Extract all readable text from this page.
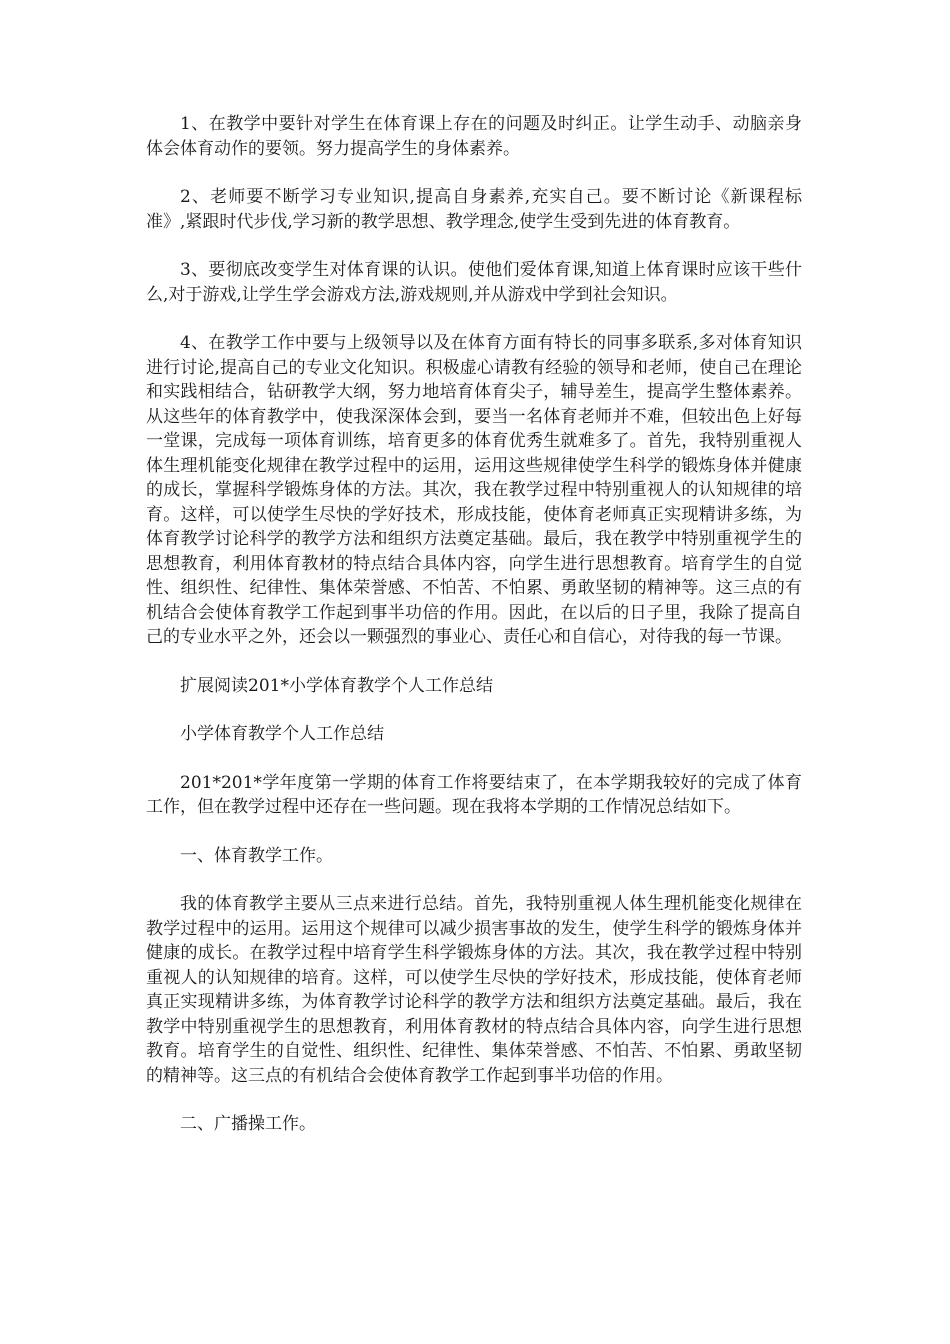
1、在教学中要针对学生在体育课上存在的问题及时纠正。让学生动手、动脑亲身体会体育动作的要领。努力提高学生的身体素养。

2、老师要不断学习专业知识,提高自身素养,充实自己。要不断讨论《新课程标准》,紧跟时代步伐,学习新的教学思想、教学理念,使学生受到先进的体育教育。

3、要彻底改变学生对体育课的认识。使他们爱体育课,知道上体育课时应该干些什么,对于游戏,让学生学会游戏方法,游戏规则,并从游戏中学到社会知识。

4、在教学工作中要与上级领导以及在体育方面有特长的同事多联系,多对体育知识进行讨论,提高自己的专业文化知识。积极虚心请教有经验的领导和老师，使自己在理论和实践相结合，钻研教学大纲，努力地培育体育尖子，辅导差生，提高学生整体素养。从这些年的体育教学中，使我深深体会到，要当一名体育老师并不难，但较出色上好每一堂课，完成每一项体育训练，培育更多的体育优秀生就难多了。首先，我特别重视人体生理机能变化规律在教学过程中的运用，运用这些规律使学生科学的锻炼身体并健康的成长，掌握科学锻炼身体的方法。其次，我在教学过程中特别重视人的认知规律的培育。这样，可以使学生尽快的学好技术，形成技能，使体育老师真正实现精讲多练，为体育教学讨论科学的教学方法和组织方法奠定基础。最后，我在教学中特别重视学生的思想教育，利用体育教材的特点结合具体内容，向学生进行思想教育。培育学生的自觉性、组织性、纪律性、集体荣誉感、不怕苦、不怕累、勇敢坚韧的精神等。这三点的有机结合会使体育教学工作起到事半功倍的作用。因此，在以后的日子里，我除了提高自己的专业水平之外，还会以一颗强烈的事业心、责任心和自信心，对待我的每一节课。

扩展阅读201*小学体育教学个人工作总结

小学体育教学个人工作总结

201*201*学年度第一学期的体育工作将要结束了，在本学期我较好的完成了体育工作，但在教学过程中还存在一些问题。现在我将本学期的工作情况总结如下。

一、体育教学工作。

我的体育教学主要从三点来进行总结。首先，我特别重视人体生理机能变化规律在教学过程中的运用。运用这个规律可以减少损害事故的发生，使学生科学的锻炼身体并健康的成长。在教学过程中培育学生科学锻炼身体的方法。其次，我在教学过程中特别重视人的认知规律的培育。这样，可以使学生尽快的学好技术，形成技能，使体育老师真正实现精讲多练，为体育教学讨论科学的教学方法和组织方法奠定基础。最后，我在教学中特别重视学生的思想教育，利用体育教材的特点结合具体内容，向学生进行思想教育。培育学生的自觉性、组织性、纪律性、集体荣誉感、不怕苦、不怕累、勇敢坚韧的精神等。这三点的有机结合会使体育教学工作起到事半功倍的作用。

二、广播操工作。
